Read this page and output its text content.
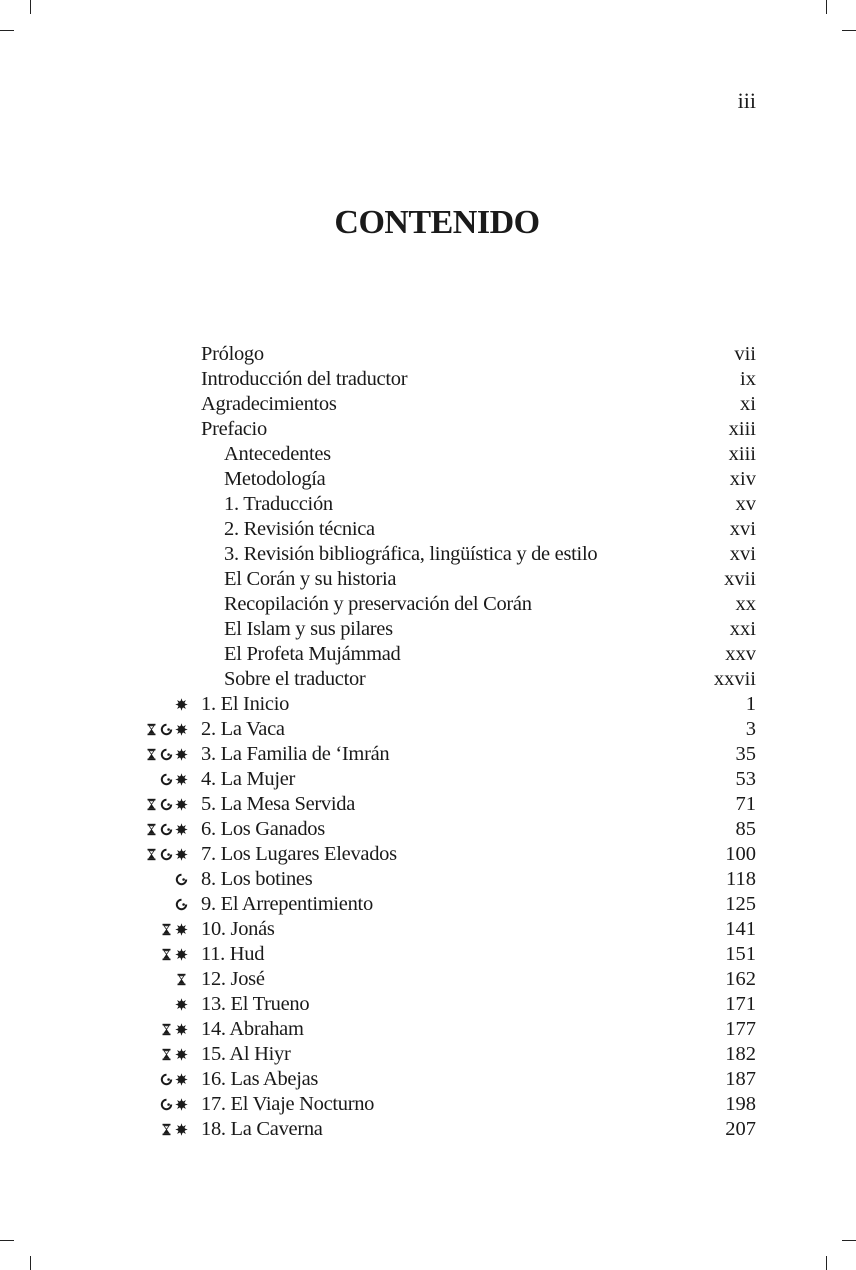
iii
CONTENIDO
Prólogo	vii
Introducción del traductor	ix
Agradecimientos	xi
Prefacio	xiii
Antecedentes	xiii
Metodología	xiv
1. Traducción	xv
2. Revisión técnica	xvi
3. Revisión bibliográfica, lingüística y de estilo	xvi
El Corán y su historia	xvii
Recopilación y preservación del Corán	xx
El Islam y sus pilares	xxi
El Profeta Mujámmad	xxv
Sobre el traductor	xxvii
1. El Inicio	1
2. La Vaca	3
3. La Familia de ‘Imrán	35
4. La Mujer	53
5. La Mesa Servida	71
6. Los Ganados	85
7. Los Lugares Elevados	100
8. Los botines	118
9. El Arrepentimiento	125
10. Jonás	141
11. Hud	151
12. José	162
13. El Trueno	171
14. Abraham	177
15. Al Hiyr	182
16. Las Abejas	187
17. El Viaje Nocturno	198
18. La Caverna	207
